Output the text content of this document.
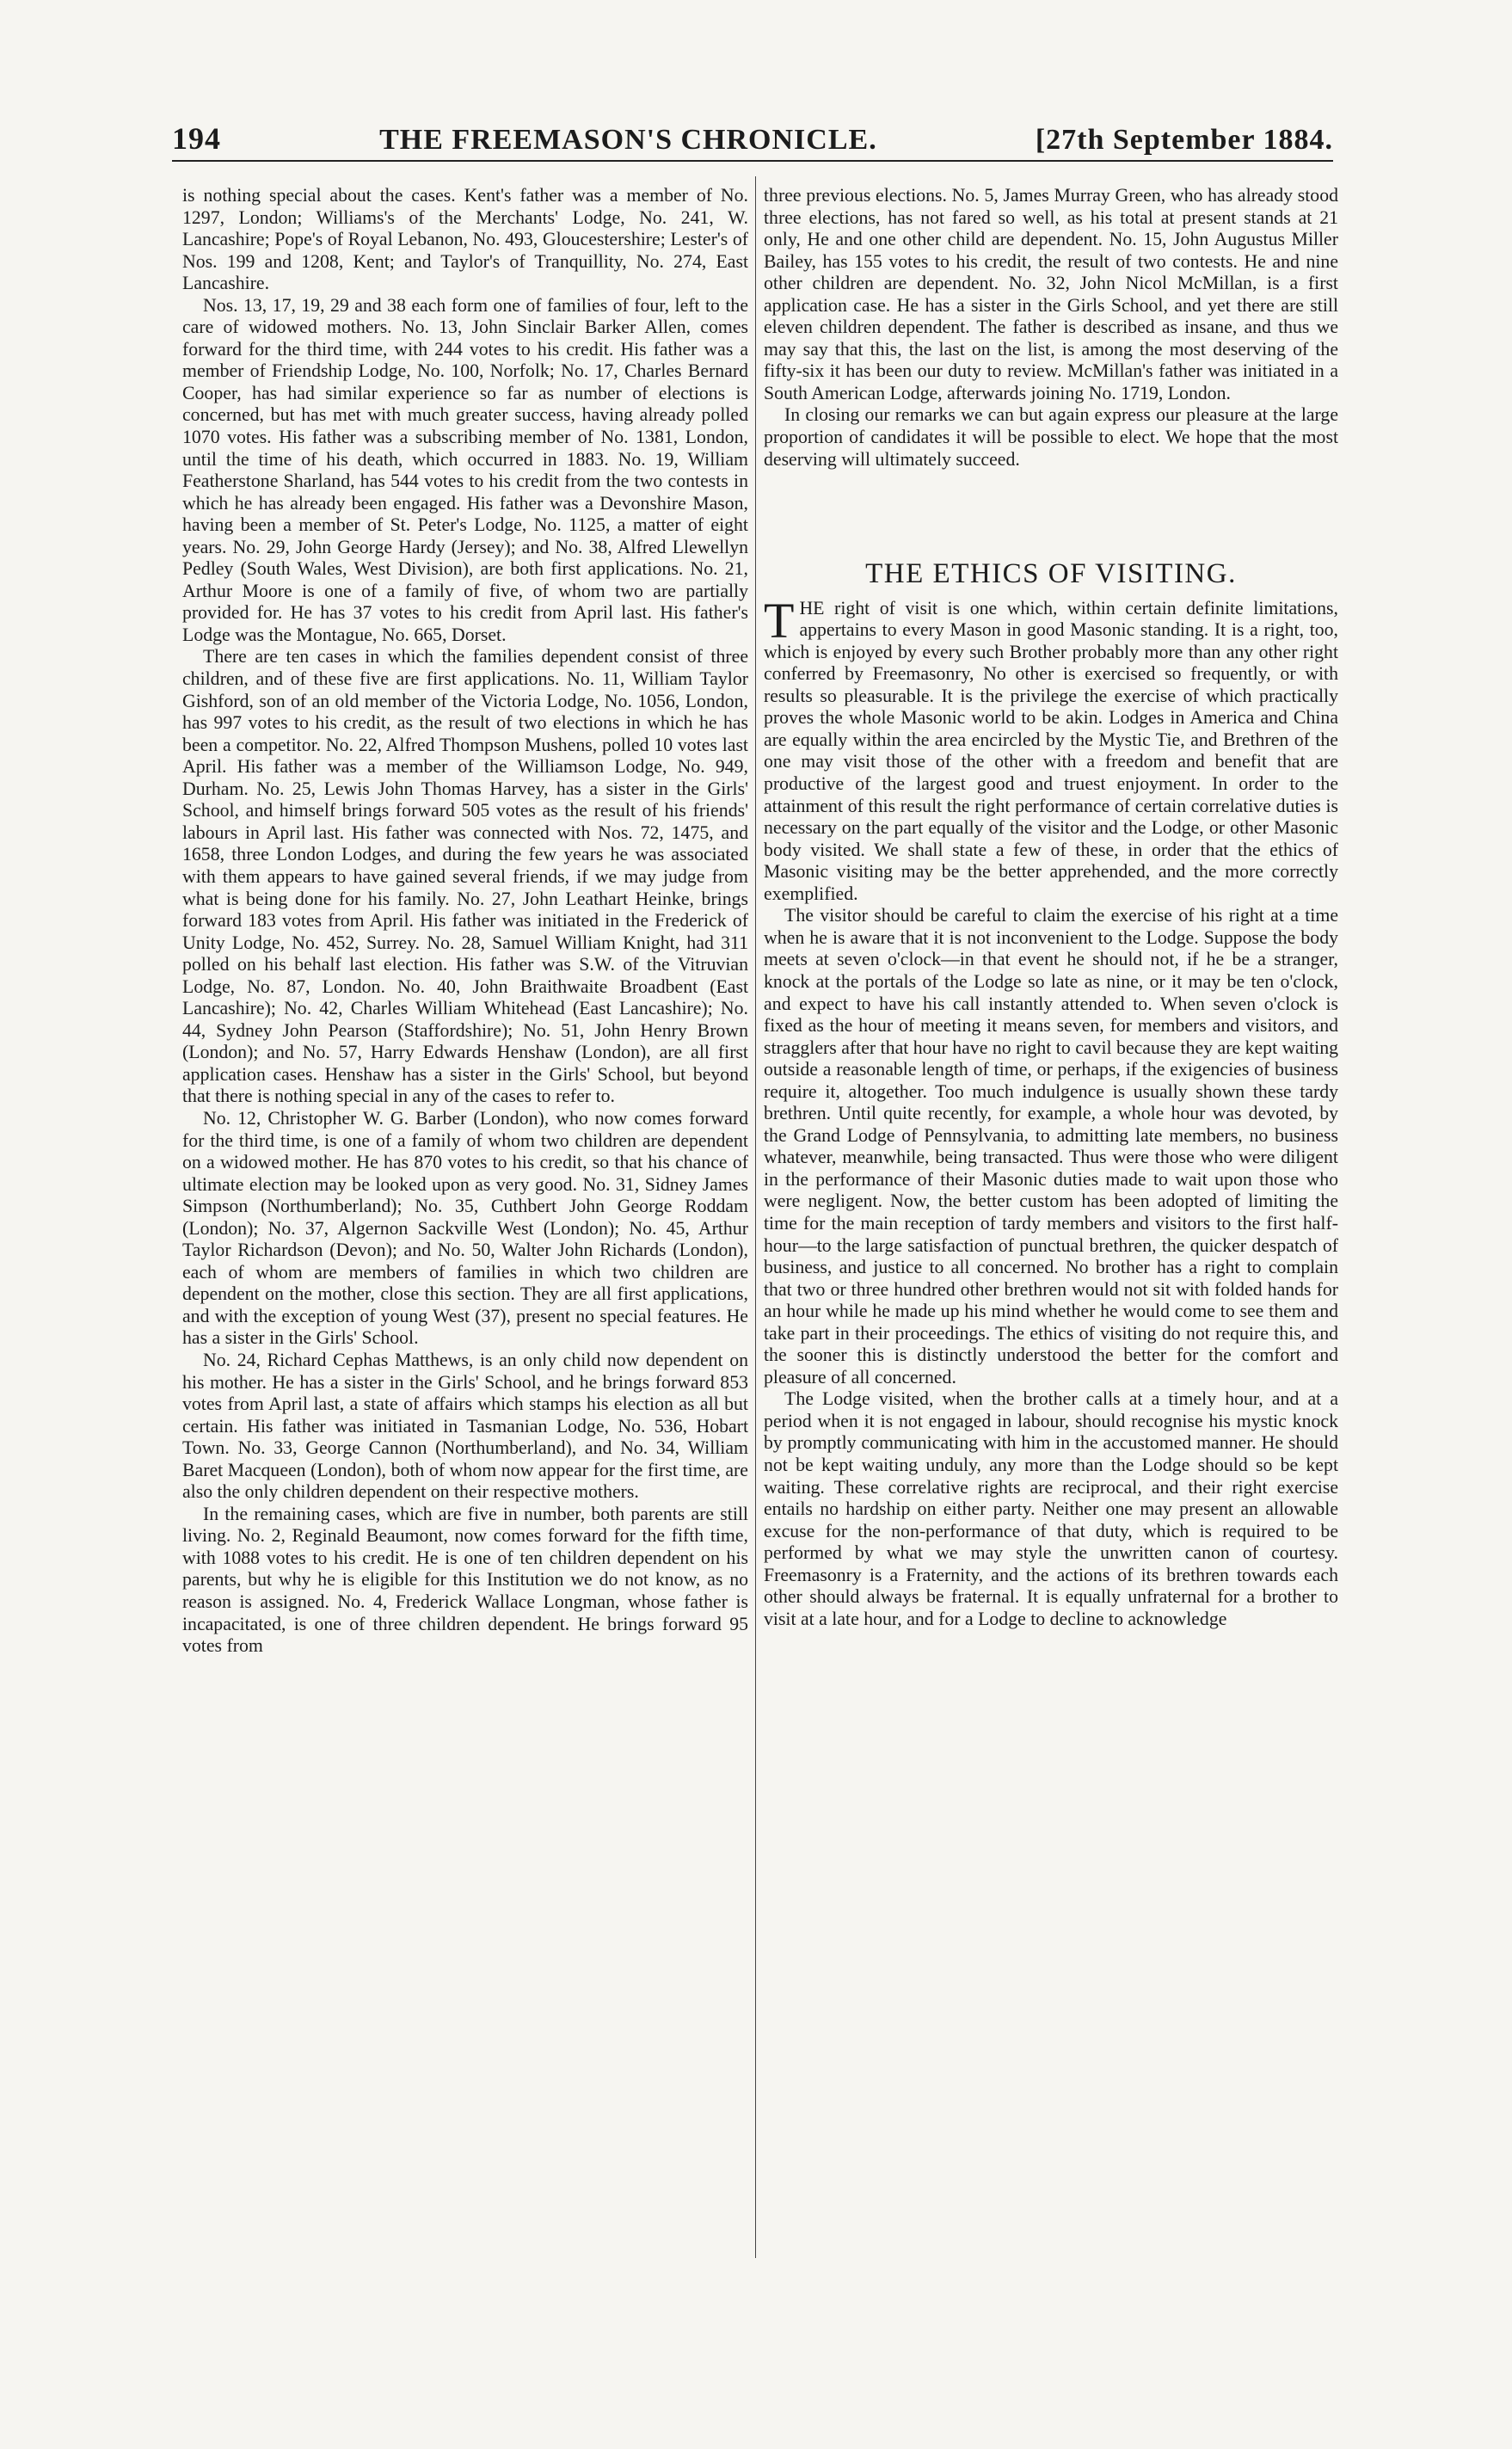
194	THE FREEMASON'S CHRONICLE.	[27th September 1884.

is nothing special about the cases. Kent's father was a member of No. 1297, London; Williams's of the Merchants' Lodge, No. 241, W. Lancashire; Pope's of Royal Lebanon, No. 493, Gloucestershire; Lester's of Nos. 199 and 1208, Kent; and Taylor's of Tranquillity, No. 274, East Lancashire.

Nos. 13, 17, 19, 29 and 38 each form one of families of four, left to the care of widowed mothers. No. 13, John Sinclair Barker Allen, comes forward for the third time, with 244 votes to his credit. His father was a member of Friendship Lodge, No. 100, Norfolk; No. 17, Charles Bernard Cooper, has had similar experience so far as number of elections is concerned, but has met with much greater success, having already polled 1070 votes. His father was a subscribing member of No. 1381, London, until the time of his death, which occurred in 1883. No. 19, William Featherstone Sharland, has 544 votes to his credit from the two contests in which he has already been engaged. His father was a Devonshire Mason, having been a member of St. Peter's Lodge, No. 1125, a matter of eight years. No. 29, John George Hardy (Jersey); and No. 38, Alfred Llewellyn Pedley (South Wales, West Division), are both first applications. No. 21, Arthur Moore is one of a family of five, of whom two are partially provided for. He has 37 votes to his credit from April last. His father's Lodge was the Montague, No. 665, Dorset.

There are ten cases in which the families dependent consist of three children, and of these five are first applications. No. 11, William Taylor Gishford, son of an old member of the Victoria Lodge, No. 1056, London, has 997 votes to his credit, as the result of two elections in which he has been a competitor. No. 22, Alfred Thompson Mushens, polled 10 votes last April. His father was a member of the Williamson Lodge, No. 949, Durham. No. 25, Lewis John Thomas Harvey, has a sister in the Girls' School, and himself brings forward 505 votes as the result of his friends' labours in April last. His father was connected with Nos. 72, 1475, and 1658, three London Lodges, and during the few years he was associated with them appears to have gained several friends, if we may judge from what is being done for his family. No. 27, John Leathart Heinke, brings forward 183 votes from April. His father was initiated in the Frederick of Unity Lodge, No. 452, Surrey. No. 28, Samuel William Knight, had 311 polled on his behalf last election. His father was S.W. of the Vitruvian Lodge, No. 87, London. No. 40, John Braithwaite Broadbent (East Lancashire); No. 42, Charles William Whitehead (East Lancashire); No. 44, Sydney John Pearson (Staffordshire); No. 51, John Henry Brown (London); and No. 57, Harry Edwards Henshaw (London), are all first application cases. Henshaw has a sister in the Girls' School, but beyond that there is nothing special in any of the cases to refer to.

No. 12, Christopher W. G. Barber (London), who now comes forward for the third time, is one of a family of whom two children are dependent on a widowed mother. He has 870 votes to his credit, so that his chance of ultimate election may be looked upon as very good. No. 31, Sidney James Simpson (Northumberland); No. 35, Cuthbert John George Roddam (London); No. 37, Algernon Sackville West (London); No. 45, Arthur Taylor Richardson (Devon); and No. 50, Walter John Richards (London), each of whom are members of families in which two children are dependent on the mother, close this section. They are all first applications, and with the exception of young West (37), present no special features. He has a sister in the Girls' School.

No. 24, Richard Cephas Matthews, is an only child now dependent on his mother. He has a sister in the Girls' School, and he brings forward 853 votes from April last, a state of affairs which stamps his election as all but certain. His father was initiated in Tasmanian Lodge, No. 536, Hobart Town. No. 33, George Cannon (Northumberland), and No. 34, William Baret Macqueen (London), both of whom now appear for the first time, are also the only children dependent on their respective mothers.

In the remaining cases, which are five in number, both parents are still living. No. 2, Reginald Beaumont, now comes forward for the fifth time, with 1088 votes to his credit. He is one of ten children dependent on his parents, but why he is eligible for this Institution we do not know, as no reason is assigned. No. 4, Frederick Wallace Longman, whose father is incapacitated, is one of three children dependent. He brings forward 95 votes from

three previous elections. No. 5, James Murray Green, who has already stood three elections, has not fared so well, as his total at present stands at 21 only, He and one other child are dependent. No. 15, John Augustus Miller Bailey, has 155 votes to his credit, the result of two contests. He and nine other children are dependent. No. 32, John Nicol McMillan, is a first application case. He has a sister in the Girls School, and yet there are still eleven children dependent. The father is described as insane, and thus we may say that this, the last on the list, is among the most deserving of the fifty-six it has been our duty to review. McMillan's father was initiated in a South American Lodge, afterwards joining No. 1719, London.

In closing our remarks we can but again express our pleasure at the large proportion of candidates it will be possible to elect. We hope that the most deserving will ultimately succeed.

THE ETHICS OF VISITING.

THE right of visit is one which, within certain definite limitations, appertains to every Mason in good Masonic standing. It is a right, too, which is enjoyed by every such Brother probably more than any other right conferred by Freemasonry, No other is exercised so frequently, or with results so pleasurable. It is the privilege the exercise of which practically proves the whole Masonic world to be akin. Lodges in America and China are equally within the area encircled by the Mystic Tie, and Brethren of the one may visit those of the other with a freedom and benefit that are productive of the largest good and truest enjoyment. In order to the attainment of this result the right performance of certain correlative duties is necessary on the part equally of the visitor and the Lodge, or other Masonic body visited. We shall state a few of these, in order that the ethics of Masonic visiting may be the better apprehended, and the more correctly exemplified.

The visitor should be careful to claim the exercise of his right at a time when he is aware that it is not inconvenient to the Lodge. Suppose the body meets at seven o'clock—in that event he should not, if he be a stranger, knock at the portals of the Lodge so late as nine, or it may be ten o'clock, and expect to have his call instantly attended to. When seven o'clock is fixed as the hour of meeting it means seven, for members and visitors, and stragglers after that hour have no right to cavil because they are kept waiting outside a reasonable length of time, or perhaps, if the exigencies of business require it, altogether. Too much indulgence is usually shown these tardy brethren. Until quite recently, for example, a whole hour was devoted, by the Grand Lodge of Pennsylvania, to admitting late members, no business whatever, meanwhile, being transacted. Thus were those who were diligent in the performance of their Masonic duties made to wait upon those who were negligent. Now, the better custom has been adopted of limiting the time for the main reception of tardy members and visitors to the first half-hour—to the large satisfaction of punctual brethren, the quicker despatch of business, and justice to all concerned. No brother has a right to complain that two or three hundred other brethren would not sit with folded hands for an hour while he made up his mind whether he would come to see them and take part in their proceedings. The ethics of visiting do not require this, and the sooner this is distinctly understood the better for the comfort and pleasure of all concerned.

The Lodge visited, when the brother calls at a timely hour, and at a period when it is not engaged in labour, should recognise his mystic knock by promptly communicating with him in the accustomed manner. He should not be kept waiting unduly, any more than the Lodge should so be kept waiting. These correlative rights are reciprocal, and their right exercise entails no hardship on either party. Neither one may present an allowable excuse for the non-performance of that duty, which is required to be performed by what we may style the unwritten canon of courtesy. Freemasonry is a Fraternity, and the actions of its brethren towards each other should always be fraternal. It is equally unfraternal for a brother to visit at a late hour, and for a Lodge to decline to acknowledge
